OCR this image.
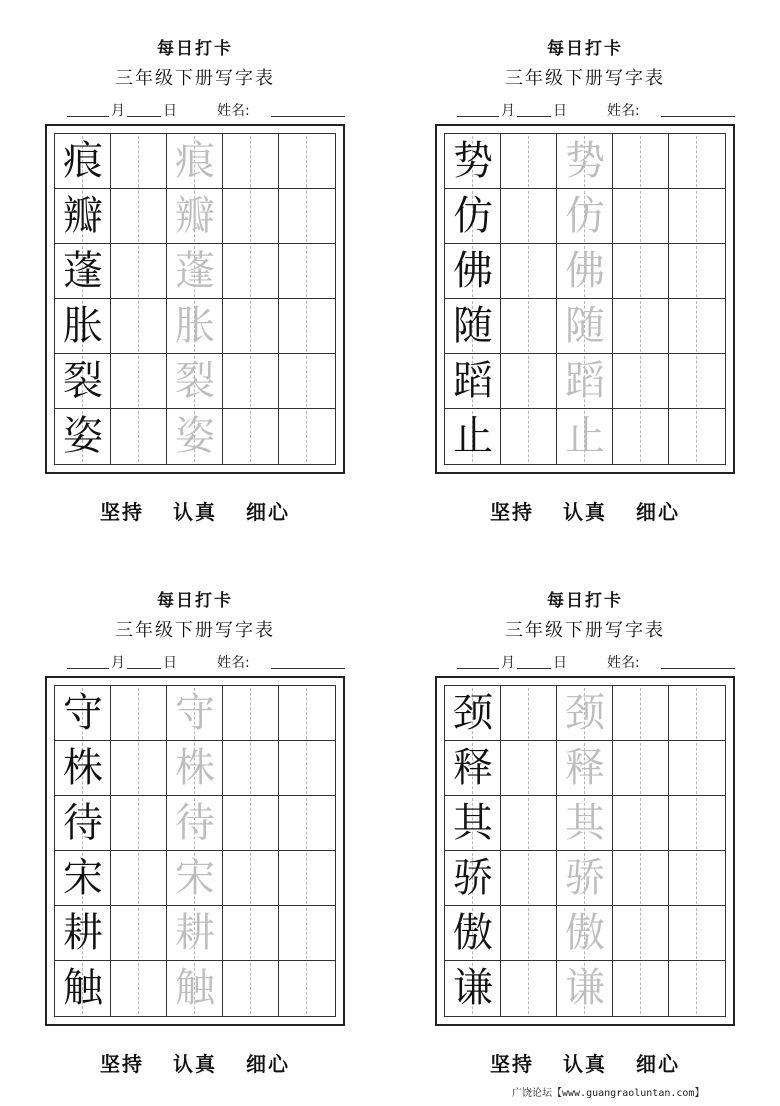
每日打卡
三年级下册写字表
月	日	姓名:
痕 痕
瓣 瓣
蓬 蓬
胀 胀
裂 裂
姿 姿
坚持 认真 细心
每日打卡
三年级下册写字表
月	日	姓名:
势 势
仿 仿
佛 佛
随 随
蹈 蹈
止 止
坚持 认真 细心
每日打卡
三年级下册写字表
月	日	姓名:
守 守
株 株
待 待
宋 宋
耕 耕
触 触
坚持 认真 细心
每日打卡
三年级下册写字表
月	日	姓名:
颈 颈
释 释
其 其
骄 骄
傲 傲
谦 谦
坚持 认真 细心
广饶论坛【www.guangraoluntan.com】
